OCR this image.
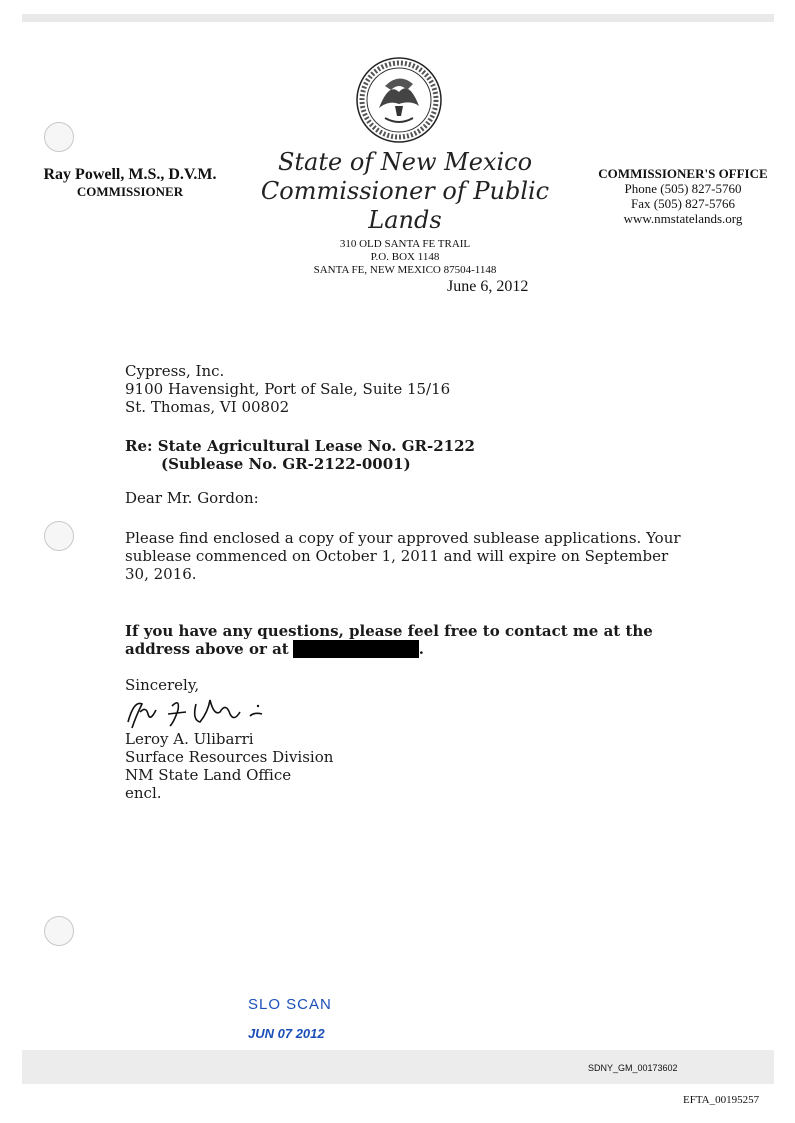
Ray Powell, M.S., D.V.M.
COMMISSIONER
State of New Mexico
Commissioner of Public Lands
310 OLD SANTA FE TRAIL
P.O. BOX 1148
SANTA FE, NEW MEXICO 87504-1148
COMMISSIONER'S OFFICE
Phone (505) 827-5760
Fax (505) 827-5766
www.nmstatelands.org
June 6, 2012
Cypress, Inc.
9100 Havensight, Port of Sale, Suite 15/16
St. Thomas, VI 00802
Re: State Agricultural Lease No. GR-2122
(Sublease No. GR-2122-0001)
Dear Mr. Gordon:
Please find enclosed a copy of your approved sublease applications. Your sublease commenced on October 1, 2011 and will expire on September 30, 2016.
If you have any questions, please feel free to contact me at the address above or at	.
Sincerely,
Leroy A. Ulibarri
Surface Resources Division
NM State Land Office
encl.
SLO SCAN
JUN 07 2012
SDNY_GM_00173602
EFTA_00195257
